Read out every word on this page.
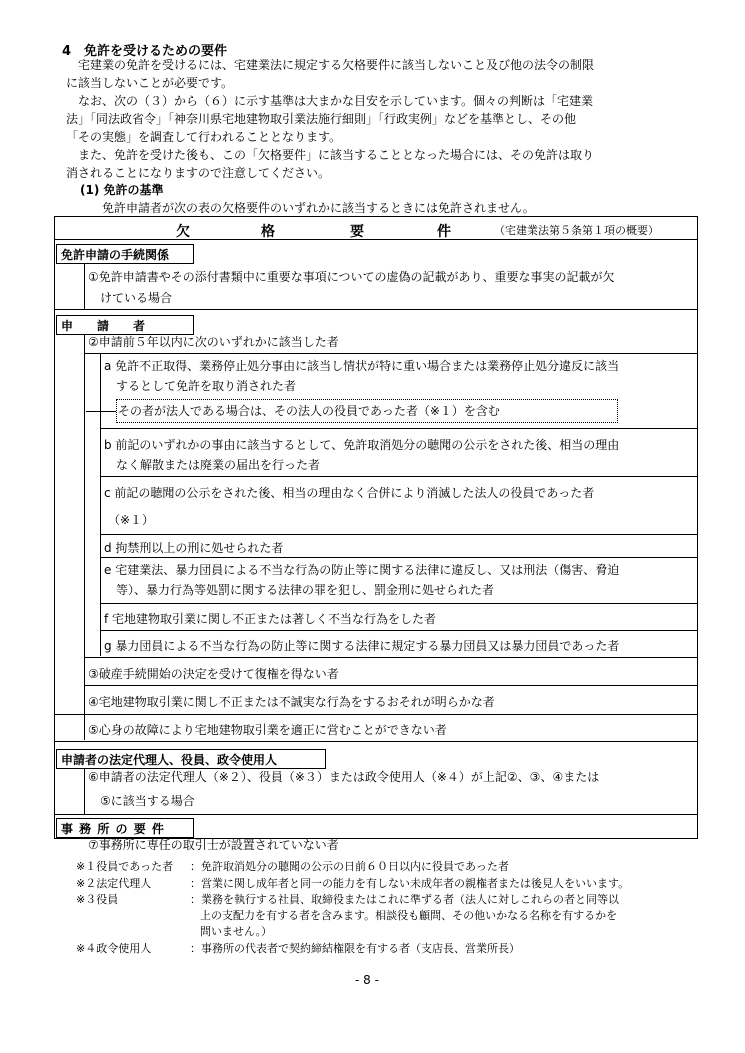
4　免許を受けるための要件
　宅建業の免許を受けるには、宅建業法に規定する欠格要件に該当しないこと及び他の法令の制限
に該当しないことが必要です。
　なお、次の（３）から（６）に示す基準は大まかな目安を示しています。個々の判断は「宅建業
法」「同法政省令」「神奈川県宅地建物取引業法施行細則」「行政実例」などを基準とし、その他
「その実態」を調査して行われることとなります。
　また、免許を受けた後も、この「欠格要件」に該当することとなった場合には、その免許は取り
消されることになりますので注意してください。
(1) 免許の基準
免許申請者が次の表の欠格要件のいずれかに該当するときには免許されません。
欠	格	要	件	（宅建業法第５条第１項の概要）
免許申請の手続関係
①免許申請書やその添付書類中に重要な事項についての虚偽の記載があり、重要な事実の記載が欠
けている場合
申　　請　　者
②申請前５年以内に次のいずれかに該当した者
a 免許不正取得、業務停止処分事由に該当し情状が特に重い場合または業務停止処分違反に該当
するとして免許を取り消された者
その者が法人である場合は、その法人の役員であった者（※１）を含む
b 前記のいずれかの事由に該当するとして、免許取消処分の聴聞の公示をされた後、相当の理由
なく解散または廃業の届出を行った者
c 前記の聴聞の公示をされた後、相当の理由なく合併により消滅した法人の役員であった者
（※１）
d 拘禁刑以上の刑に処せられた者
e 宅建業法、暴力団員による不当な行為の防止等に関する法律に違反し、又は刑法（傷害、脅迫
等）、暴力行為等処罰に関する法律の罪を犯し、罰金刑に処せられた者
f 宅地建物取引業に関し不正または著しく不当な行為をした者
g 暴力団員による不当な行為の防止等に関する法律に規定する暴力団員又は暴力団員であった者
③破産手続開始の決定を受けて復権を得ない者
④宅地建物取引業に関し不正または不誠実な行為をするおそれが明らかな者
⑤心身の故障により宅地建物取引業を適正に営むことができない者
申請者の法定代理人、役員、政令使用人
⑥申請者の法定代理人（※２）、役員（※３）または政令使用人（※４）が上記②、③、④または
⑤に該当する場合
事 務 所 の 要 件
⑦事務所に専任の取引士が設置されていない者
※１役員であった者 ：免許取消処分の聴聞の公示の日前６０日以内に役員であった者
※２法定代理人	：営業に関し成年者と同一の能力を有しない未成年者の親権者または後見人をいいます。
※３役員	：業務を執行する社員、取締役またはこれに準ずる者（法人に対しこれらの者と同等以
上の支配力を有する者を含みます。相談役も顧問、その他いかなる名称を有するかを
問いません。）
※４政令使用人	：事務所の代表者で契約締結権限を有する者（支店長、営業所長）
- 8 -
